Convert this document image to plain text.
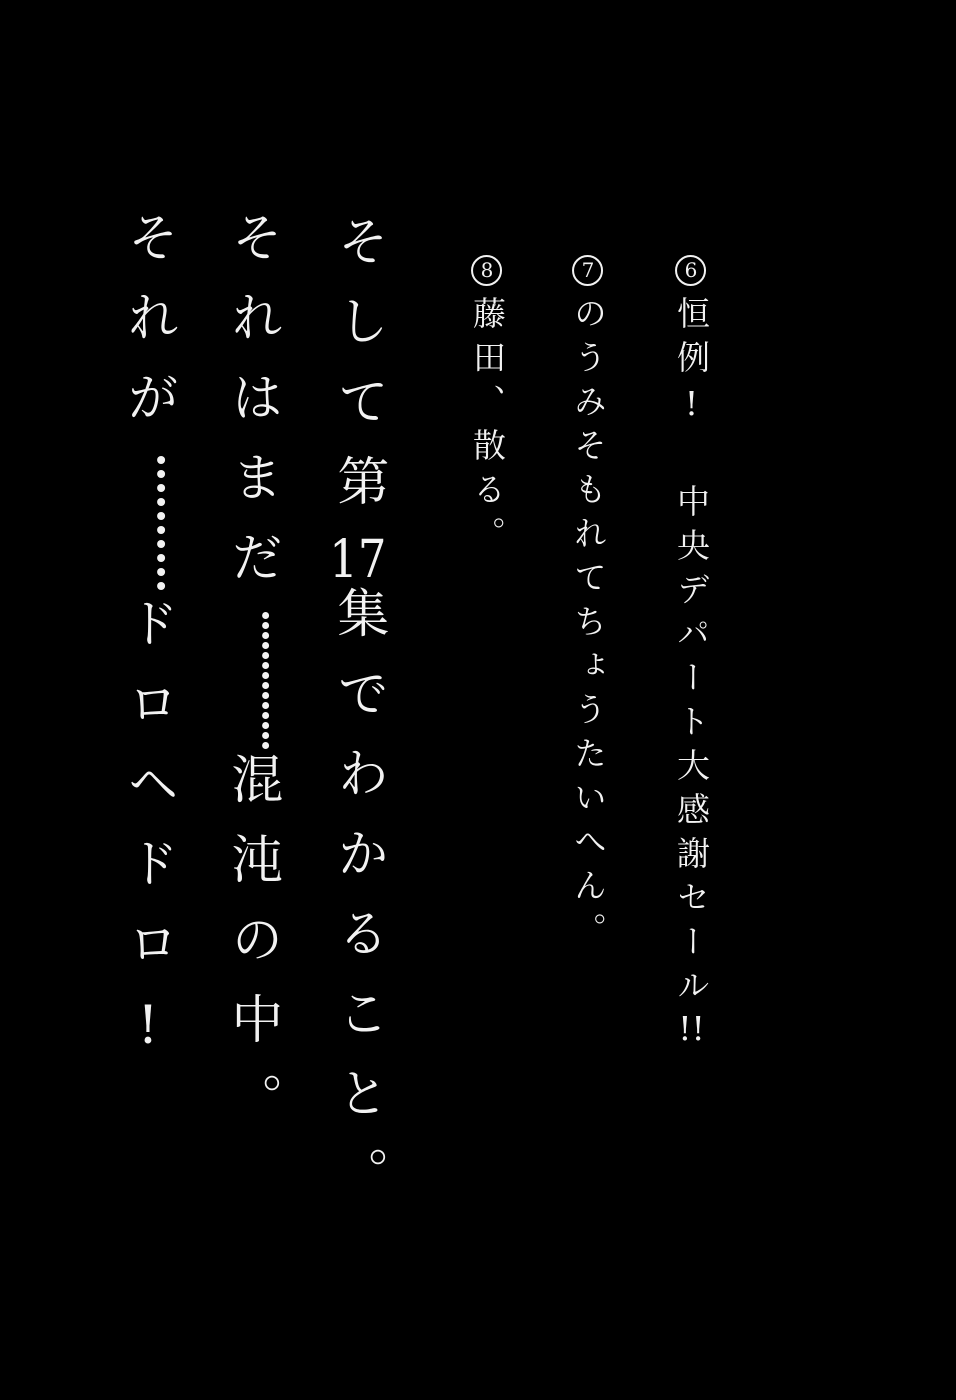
6恒例! 中央デパート大感謝セール!!
7のうみそもれてちょうたいへん。
8藤田、散る。
そして第17集でわかること。
それはまだ
混沌の中。
それが
ドロヘドロ!
